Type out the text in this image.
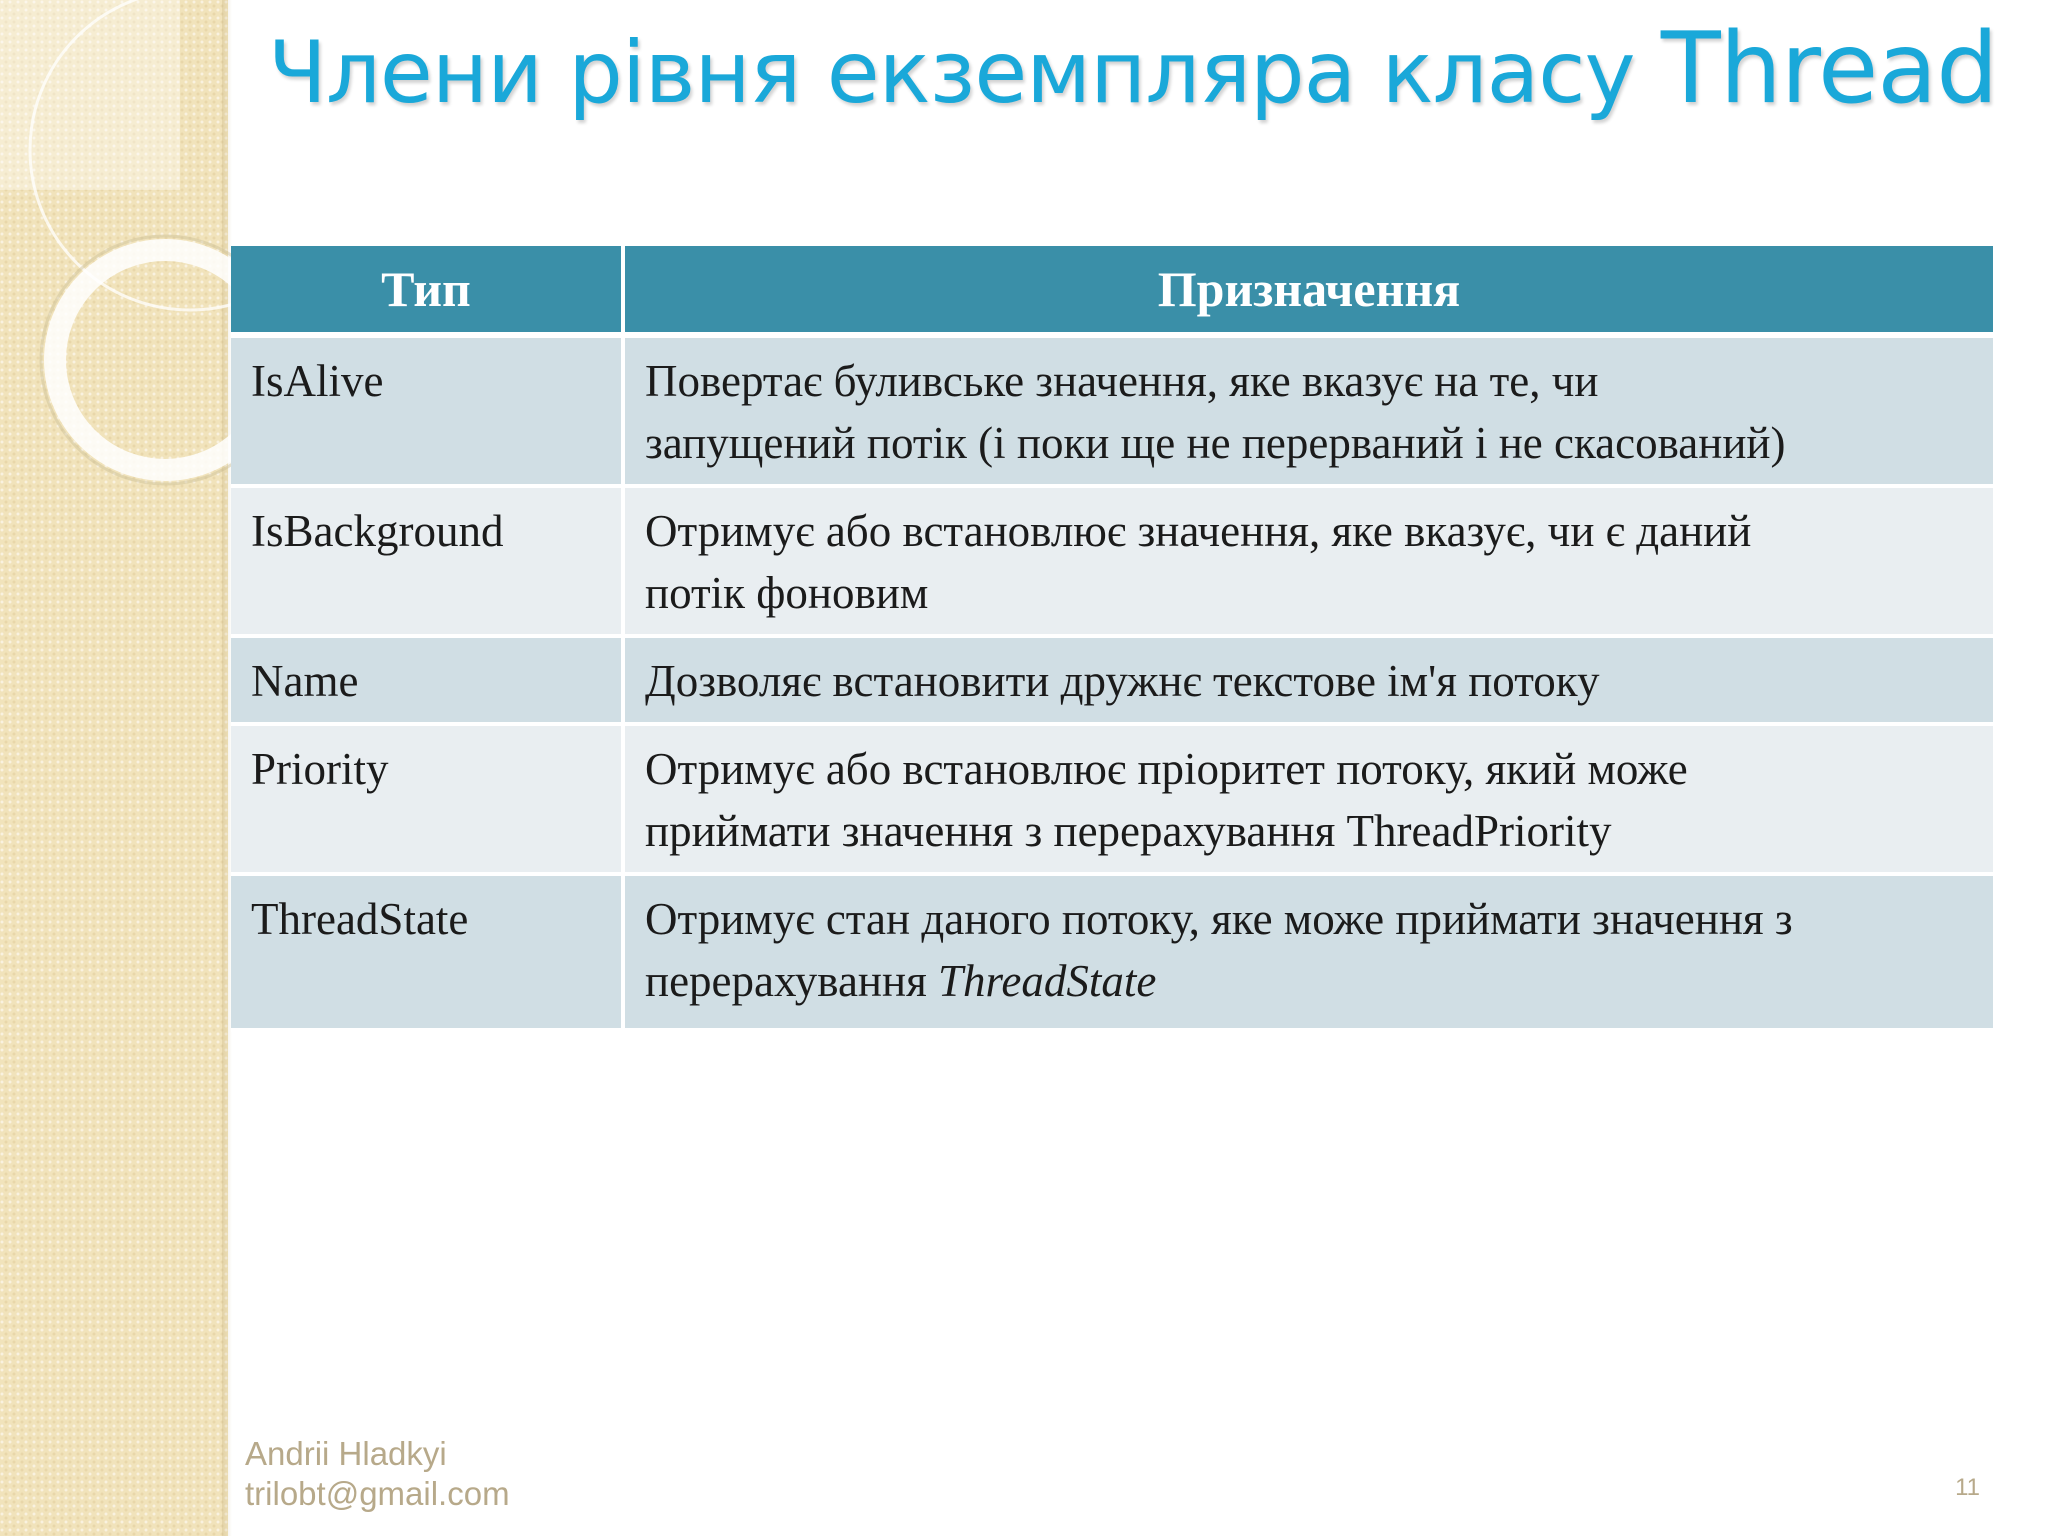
Члени рівня екземпляра класу Thread
Тип	Призначення
IsAlive	Повертає буливське значення, яке вказує на те, чи
запущений потік (і поки ще не перерваний і не скасований)
IsBackground	Отримує або встановлює значення, яке вказує, чи є даний
потік фоновим
Name	Дозволяє встановити дружнє текстове ім'я потоку
Priority	Отримує або встановлює пріоритет потоку, який може
приймати значення з перерахування ThreadPriority
ThreadState	Отримує стан даного потоку, яке може приймати значення з
перерахування ThreadState
Andrii Hladkyi
trilobt@gmail.com	11
